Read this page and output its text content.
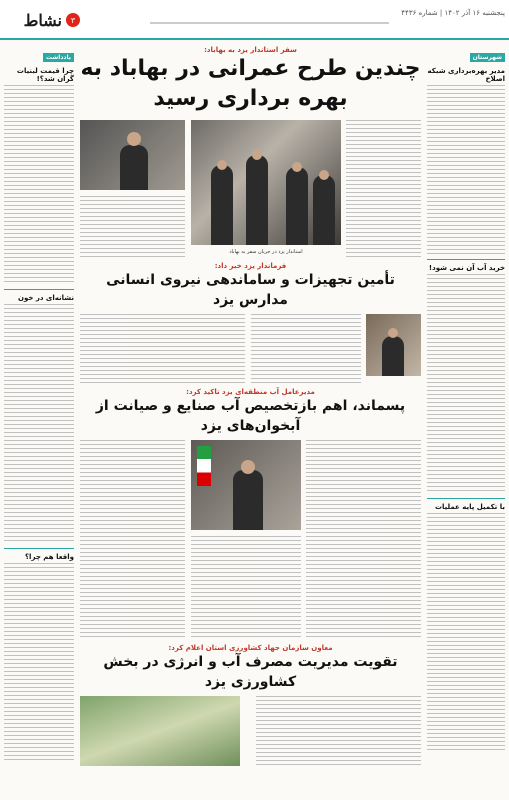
پنجشنبه ۱۶ آذر ۱۴۰۲ | شماره ۴۴۳۶
۳
نشاط
شهرستان
مدیر بهره‌برداری شبکه اصلاح
خرید آب آن نمی شود!
با تکمیل پایه عملیات
یادداشت
چرا قیمت لبنیات گران شد؟!
نشانه‌ای در خون
واقعا هم چرا؟
سفر استاندار یزد به بهاباد:
چندین طرح عمرانی در بهاباد به بهره برداری رسید
استاندار یزد در جریان سفر به بهاباد
فرماندار یزد خبر داد:
تأمین تجهیزات و ساماندهی نیروی انسانی مدارس یزد
مدیرعامل آب منطقه‌ای یزد تاکید کرد:
پسماند، اهم بازتخصیص آب صنایع و صیانت از آبخوان‌های یزد
معاون سازمان جهاد کشاورزی استان اعلام کرد:
تقویت مدیریت مصرف آب و انرژی در بخش کشاورزی یزد
